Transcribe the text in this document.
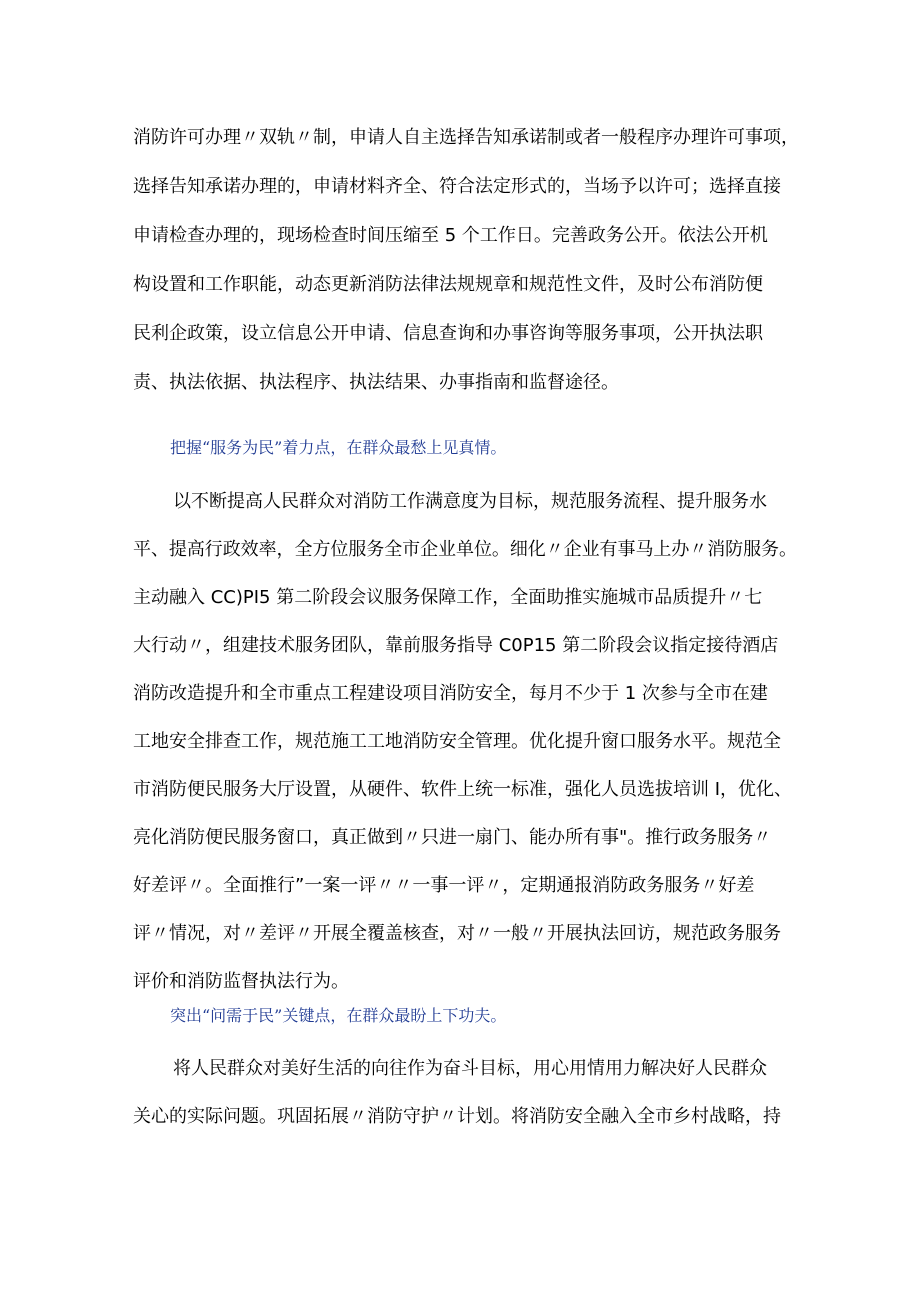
消防许可办理〃双轨〃制，申请人自主选择告知承诺制或者一般程序办理许可事项，
选择告知承诺办理的，申请材料齐全、符合法定形式的，当场予以许可；选择直接
申请检查办理的，现场检查时间压缩至 5 个工作日。完善政务公开。依法公开机
构设置和工作职能，动态更新消防法律法规规章和规范性文件，及时公布消防便
民利企政策，设立信息公开申请、信息查询和办事咨询等服务事项，公开执法职
责、执法依据、执法程序、执法结果、办事指南和监督途径。
把握“服务为民”着力点，在群众最愁上见真情。
以不断提高人民群众对消防工作满意度为目标，规范服务流程、提升服务水
平、提高行政效率，全方位服务全市企业单位。细化〃企业有事马上办〃消防服务。
主动融入 CC)PI5 第二阶段会议服务保障工作，全面助推实施城市品质提升〃七
大行动〃，组建技术服务团队，靠前服务指导 C0P15 第二阶段会议指定接待酒店
消防改造提升和全市重点工程建设项目消防安全，每月不少于 1 次参与全市在建
工地安全排查工作，规范施工工地消防安全管理。优化提升窗口服务水平。规范全
市消防便民服务大厅设置，从硬件、软件上统一标准，强化人员选拔培训 I，优化、
亮化消防便民服务窗口，真正做到〃只进一扇门、能办所有事"。推行政务服务〃
好差评〃。全面推行”一案一评〃〃一事一评〃，定期通报消防政务服务〃好差
评〃情况，对〃差评〃开展全覆盖核查，对〃一般〃开展执法回访，规范政务服务
评价和消防监督执法行为。
突出“问需于民”关键点，在群众最盼上下功夫。
将人民群众对美好生活的向往作为奋斗目标，用心用情用力解决好人民群众
关心的实际问题。巩固拓展〃消防守护〃计划。将消防安全融入全市乡村战略，持
